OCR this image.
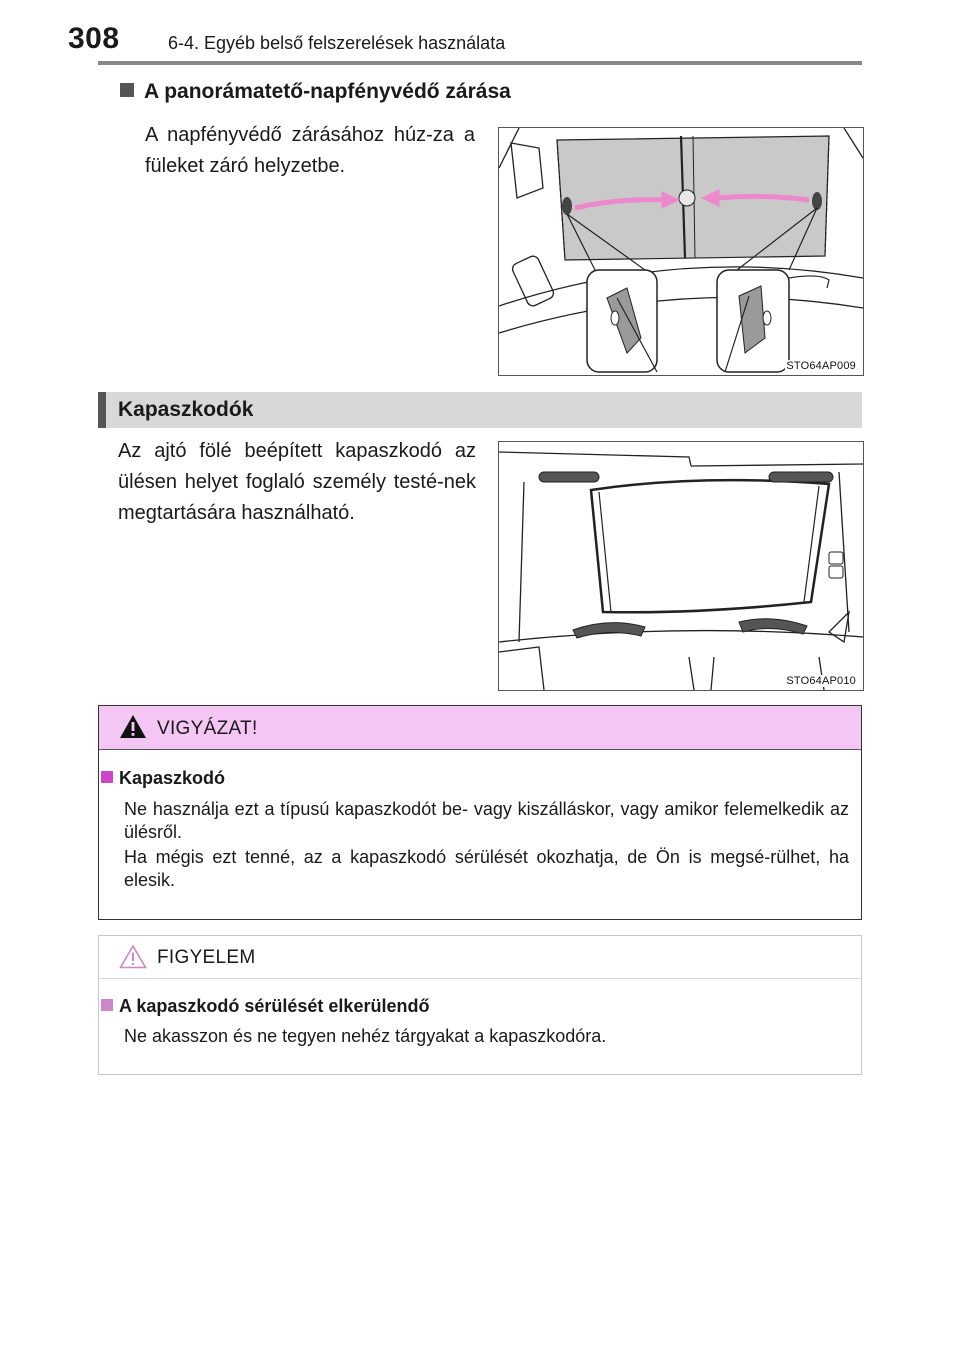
308	6-4. Egyéb belső felszerelések használata
A panorámatető-napfényvédő zárása
A napfényvédő zárásához húz-za a füleket záró helyzetbe.
STO64AP009
Kapaszkodók
Az ajtó fölé beépített kapaszkodó az ülésen helyet foglaló személy testé-nek megtartására használható.
STO64AP010
VIGYÁZAT!
Kapaszkodó
Ne használja ezt a típusú kapaszkodót be- vagy kiszálláskor, vagy amikor felemelkedik az ülésről.
Ha mégis ezt tenné, az a kapaszkodó sérülését okozhatja, de Ön is megsé-rülhet, ha elesik.
FIGYELEM
A kapaszkodó sérülését elkerülendő
Ne akasszon és ne tegyen nehéz tárgyakat a kapaszkodóra.
